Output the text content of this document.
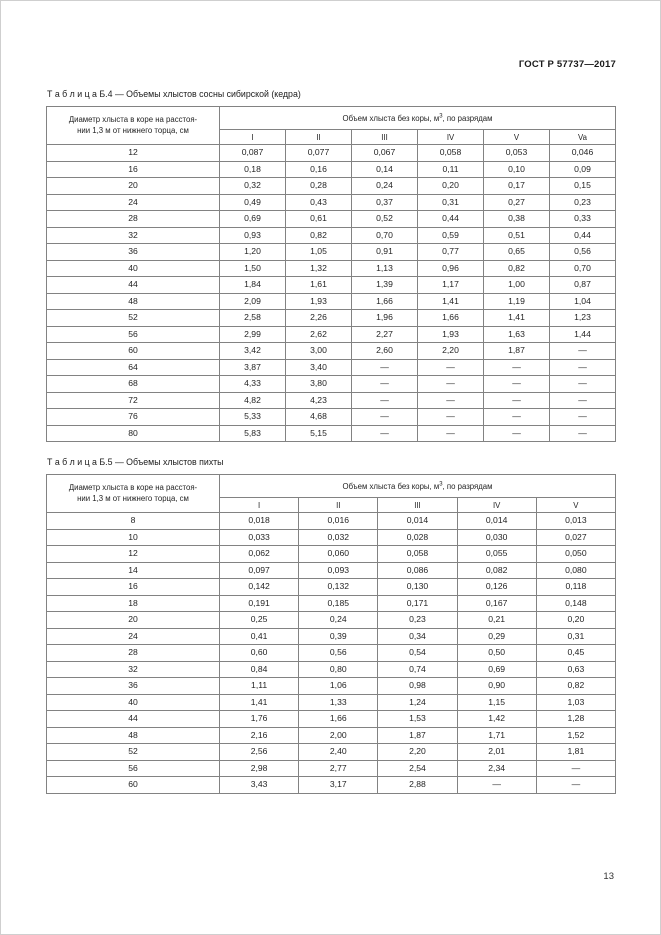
ГОСТ Р 57737—2017
Т а б л и ц а Б.4 — Объемы хлыстов сосны сибирской (кедра)
Диаметр хлыста в коре на расстоя-
нии 1,3 м от нижнего торца, см	Объем хлыста без коры, $м^3$, по разрядам					
	I	II	III	IV	V	Va
12	0,087	0,077	0,067	0,058	0,053	0,046
16	0,18	0,16	0,14	0,11	0,10	0,09
20	0,32	0,28	0,24	0,20	0,17	0,15
24	0,49	0,43	0,37	0,31	0,27	0,23
28	0,69	0,61	0,52	0,44	0,38	0,33
32	0,93	0,82	0,70	0,59	0,51	0,44
36	1,20	1,05	0,91	0,77	0,65	0,56
40	1,50	1,32	1,13	0,96	0,82	0,70
44	1,84	1,61	1,39	1,17	1,00	0,87
48	2,09	1,93	1,66	1,41	1,19	1,04
52	2,58	2,26	1,96	1,66	1,41	1,23
56	2,99	2,62	2,27	1,93	1,63	1,44
60	3,42	3,00	2,60	2,20	1,87	—
64	3,87	3,40	—	—	—	—
68	4,33	3,80	—	—	—	—
72	4,82	4,23	—	—	—	—
76	5,33	4,68	—	—	—	—
80	5,83	5,15	—	—	—	—
Т а б л и ц а Б.5 — Объемы хлыстов пихты
Диаметр хлыста в коре на расстоя-
нии 1,3 м от нижнего торца, см	Объем хлыста без коры, $м^3$, по разрядам				
	I	II	III	IV	V
8	0,018	0,016	0,014	0,014	0,013
10	0,033	0,032	0,028	0,030	0,027
12	0,062	0,060	0,058	0,055	0,050
14	0,097	0,093	0,086	0,082	0,080
16	0,142	0,132	0,130	0,126	0,118
18	0,191	0,185	0,171	0,167	0,148
20	0,25	0,24	0,23	0,21	0,20
24	0,41	0,39	0,34	0,29	0,31
28	0,60	0,56	0,54	0,50	0,45
32	0,84	0,80	0,74	0,69	0,63
36	1,11	1,06	0,98	0,90	0,82
40	1,41	1,33	1,24	1,15	1,03
44	1,76	1,66	1,53	1,42	1,28
48	2,16	2,00	1,87	1,71	1,52
52	2,56	2,40	2,20	2,01	1,81
56	2,98	2,77	2,54	2,34	—
60	3,43	3,17	2,88	—	—
13
